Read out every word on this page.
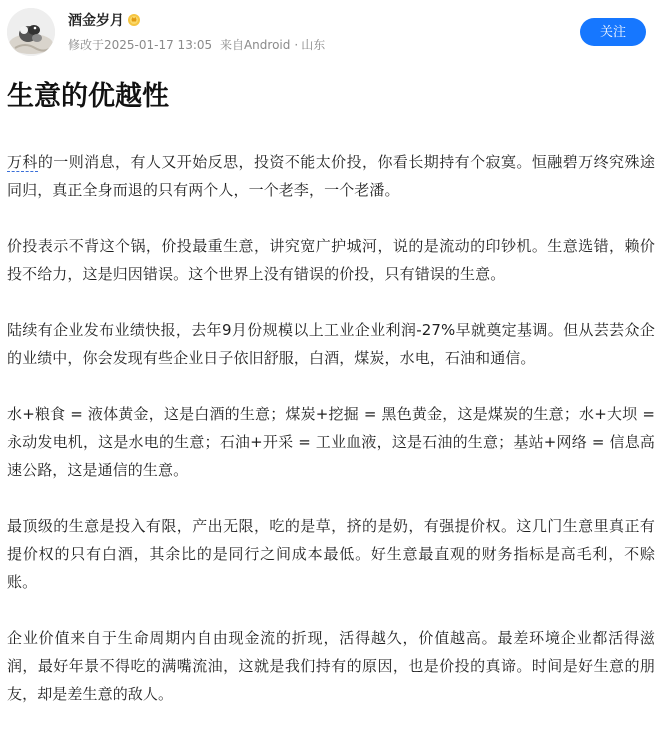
酒金岁月
修改于2025-01-17 13:05 来自Android · 山东
关注
生意的优越性

万科的一则消息，有人又开始反思，投资不能太价投，你看长期持有个寂寞。恒融碧万终究殊途同归，真正全身而退的只有两个人，一个老李，一个老潘。

价投表示不背这个锅，价投最重生意，讲究宽广护城河，说的是流动的印钞机。生意选错，赖价投不给力，这是归因错误。这个世界上没有错误的价投，只有错误的生意。

陆续有企业发布业绩快报，去年9月份规模以上工业企业利润-27%早就奠定基调。但从芸芸众企的业绩中，你会发现有些企业日子依旧舒服，白酒，煤炭，水电，石油和通信。

水+粮食 = 液体黄金，这是白酒的生意；煤炭+挖掘 = 黑色黄金，这是煤炭的生意；水+大坝 = 永动发电机，这是水电的生意；石油+开采 = 工业血液，这是石油的生意；基站+网络 = 信息高速公路，这是通信的生意。

最顶级的生意是投入有限，产出无限，吃的是草，挤的是奶，有强提价权。这几门生意里真正有提价权的只有白酒，其余比的是同行之间成本最低。好生意最直观的财务指标是高毛利，不赊账。

企业价值来自于生命周期内自由现金流的折现，活得越久，价值越高。最差环境企业都活得滋润，最好年景不得吃的满嘴流油，这就是我们持有的原因，也是价投的真谛。时间是好生意的朋友，却是差生意的敌人。
